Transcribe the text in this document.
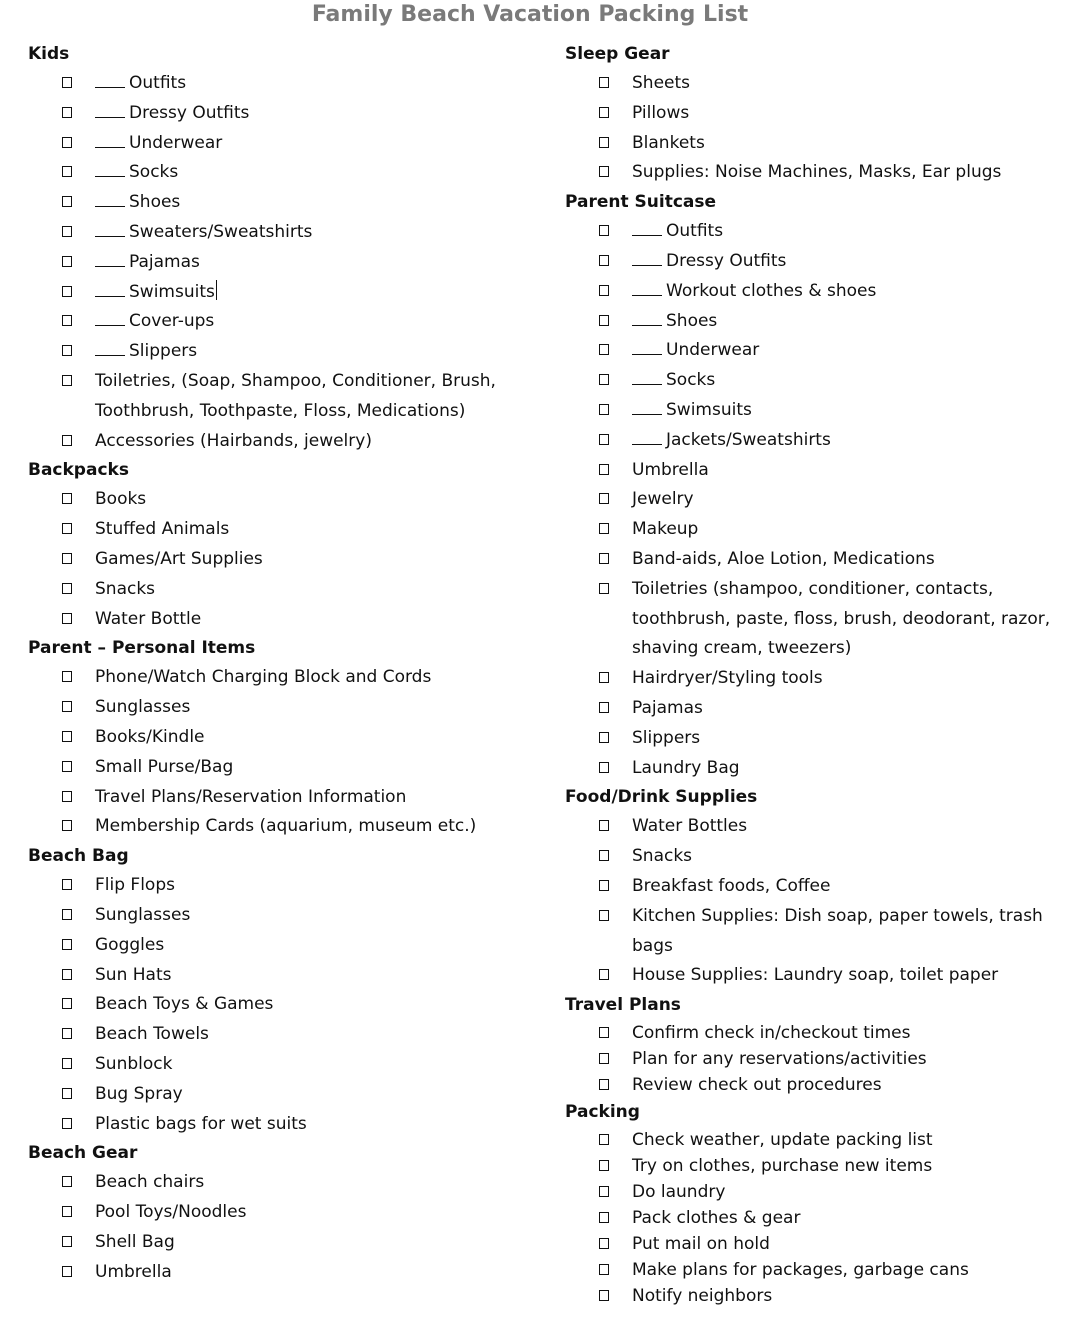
Family Beach Vacation Packing List
Kids
Outfits
Dressy Outfits
Underwear
Socks
Shoes
Sweaters/Sweatshirts
Pajamas
Swimsuits
Cover-ups
Slippers
Toiletries, (Soap, Shampoo, Conditioner, Brush, Toothbrush, Toothpaste, Floss, Medications)
Accessories (Hairbands, jewelry)
Backpacks
Books
Stuffed Animals
Games/Art Supplies
Snacks
Water Bottle
Parent – Personal Items
Phone/Watch Charging Block and Cords
Sunglasses
Books/Kindle
Small Purse/Bag
Travel Plans/Reservation Information
Membership Cards (aquarium, museum etc.)
Beach Bag
Flip Flops
Sunglasses
Goggles
Sun Hats
Beach Toys & Games
Beach Towels
Sunblock
Bug Spray
Plastic bags for wet suits
Beach Gear
Beach chairs
Pool Toys/Noodles
Shell Bag
Umbrella
Sleep Gear
Sheets
Pillows
Blankets
Supplies: Noise Machines, Masks, Ear plugs
Parent Suitcase
Outfits
Dressy Outfits
Workout clothes & shoes
Shoes
Underwear
Socks
Swimsuits
Jackets/Sweatshirts
Umbrella
Jewelry
Makeup
Band-aids, Aloe Lotion, Medications
Toiletries (shampoo, conditioner, contacts, toothbrush, paste, floss, brush, deodorant, razor, shaving cream, tweezers)
Hairdryer/Styling tools
Pajamas
Slippers
Laundry Bag
Food/Drink Supplies
Water Bottles
Snacks
Breakfast foods, Coffee
Kitchen Supplies: Dish soap, paper towels, trash bags
House Supplies: Laundry soap, toilet paper
Travel Plans
Confirm check in/checkout times
Plan for any reservations/activities
Review check out procedures
Packing
Check weather, update packing list
Try on clothes, purchase new items
Do laundry
Pack clothes & gear
Put mail on hold
Make plans for packages, garbage cans
Notify neighbors
